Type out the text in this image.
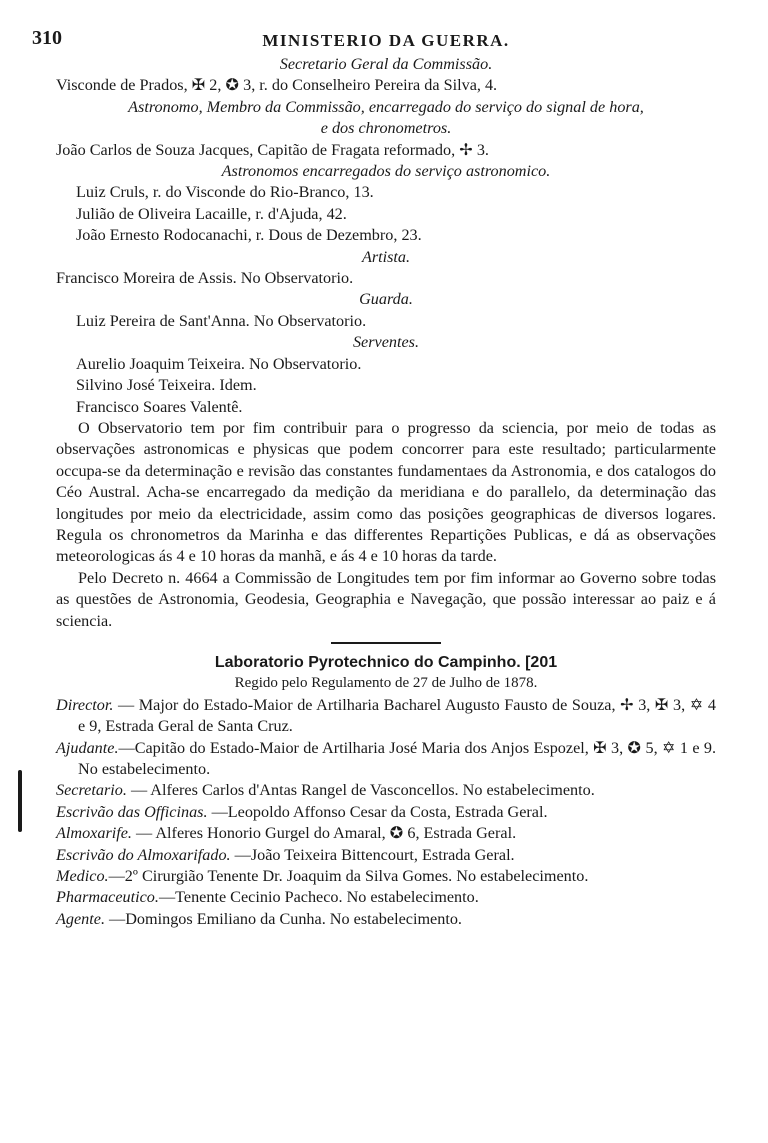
310	MINISTERIO DA GUERRA.
Secretario Geral da Commissão.
Visconde de Prados, ✠ 2, ✪ 3, r. do Conselheiro Pereira da Silva, 4.
Astronomo, Membro da Commissão, encarregado do serviço do signal de hora,
e dos chronometros.
João Carlos de Souza Jacques, Capitão de Fragata reformado, ✢ 3.
Astronomos encarregados do serviço astronomico.
Luiz Cruls, r. do Visconde do Rio-Branco, 13.
Julião de Oliveira Lacaille, r. d'Ajuda, 42.
João Ernesto Rodocanachi, r. Dous de Dezembro, 23.
Artista.
Francisco Moreira de Assis. No Observatorio.
Guarda.
Luiz Pereira de Sant'Anna. No Observatorio.
Serventes.
Aurelio Joaquim Teixeira. No Observatorio.
Silvino José Teixeira. Idem.
Francisco Soares Valentê.

O Observatorio tem por fim contribuir para o progresso da sciencia, por meio de todas as observações astronomicas e physicas que podem concorrer para este resultado; particularmente occupa-se da determinação e revisão das constantes fundamentaes da Astronomia, e dos catalogos do Céo Austral. Acha-se encarregado da medição da meridiana e do parallelo, da determinação das longitudes por meio da electricidade, assim como das posições geographicas de diversos logares. Regula os chronometros da Marinha e das differentes Repartições Publicas, e dá as observações meteorologicas ás 4 e 10 horas da manhã, e ás 4 e 10 horas da tarde.

Pelo Decreto n. 4664 a Commissão de Longitudes tem por fim informar ao Governo sobre todas as questões de Astronomia, Geodesia, Geographia e Navegação, que possão interessar ao paiz e á sciencia.

Laboratorio Pyrotechnico do Campinho. [201
Regido pelo Regulamento de 27 de Julho de 1878.
Director. — Major do Estado-Maior de Artilharia Bacharel Augusto Fausto de Souza, ✢ 3, ✠ 3, ✡ 4 e 9, Estrada Geral de Santa Cruz.
Ajudante.—Capitão do Estado-Maior de Artilharia José Maria dos Anjos Espozel, ✠ 3, ✪ 5, ✡ 1 e 9. No estabelecimento.
Secretario. — Alferes Carlos d'Antas Rangel de Vasconcellos. No estabelecimento.
Escrivão das Officinas. —Leopoldo Affonso Cesar da Costa, Estrada Geral.
Almoxarife. — Alferes Honorio Gurgel do Amaral, ✪ 6, Estrada Geral.
Escrivão do Almoxarifado. —João Teixeira Bittencourt, Estrada Geral.
Medico.—2º Cirurgião Tenente Dr. Joaquim da Silva Gomes. No estabelecimento.
Pharmaceutico.—Tenente Cecinio Pacheco. No estabelecimento.
Agente. —Domingos Emiliano da Cunha. No estabelecimento.
